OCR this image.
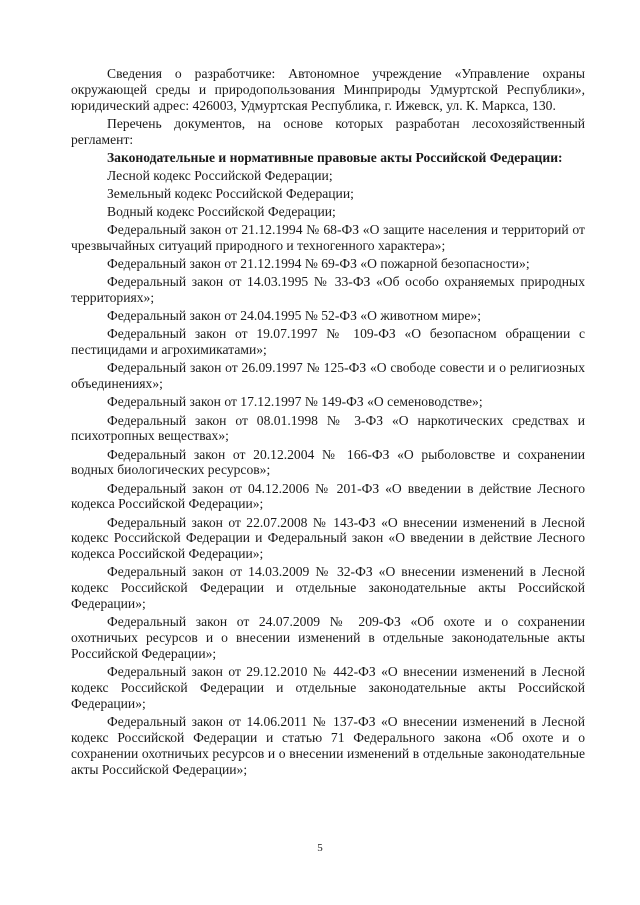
Сведения о разработчике: Автономное учреждение «Управление охраны окружающей среды и природопользования Минприроды Удмуртской Республики», юридический адрес: 426003, Удмуртская Республика, г. Ижевск, ул. К. Маркса, 130.

Перечень документов, на основе которых разработан лесохозяйственный регламент:

Законодательные и нормативные правовые акты Российской Федерации:

Лесной кодекс Российской Федерации;

Земельный кодекс Российской Федерации;

Водный кодекс Российской Федерации;

Федеральный закон от 21.12.1994 № 68-ФЗ «О защите населения и территорий от чрезвычайных ситуаций природного и техногенного характера»;

Федеральный закон от 21.12.1994 № 69-ФЗ «О пожарной безопасности»;

Федеральный закон от 14.03.1995 № 33-ФЗ «Об особо охраняемых природных территориях»;

Федеральный закон от 24.04.1995 № 52-ФЗ «О животном мире»;

Федеральный закон от 19.07.1997 № 109-ФЗ «О безопасном обращении с пестицидами и агрохимикатами»;

Федеральный закон от 26.09.1997 № 125-ФЗ «О свободе совести и о религиозных объединениях»;

Федеральный закон от 17.12.1997 № 149-ФЗ «О семеноводстве»;

Федеральный закон от 08.01.1998 № 3-ФЗ «О наркотических средствах и психотропных веществах»;

Федеральный закон от 20.12.2004 № 166-ФЗ «О рыболовстве и сохранении водных биологических ресурсов»;

Федеральный закон от 04.12.2006 № 201-ФЗ «О введении в действие Лесного кодекса Российской Федерации»;

Федеральный закон от 22.07.2008 № 143-ФЗ «О внесении изменений в Лесной кодекс Российской Федерации и Федеральный закон «О введении в действие Лесного кодекса Российской Федерации»;

Федеральный закон от 14.03.2009 № 32-ФЗ «О внесении изменений в Лесной кодекс Российской Федерации и отдельные законодательные акты Российской Федерации»;

Федеральный закон от 24.07.2009 № 209-ФЗ «Об охоте и о сохранении охотничьих ресурсов и о внесении изменений в отдельные законодательные акты Российской Федерации»;

Федеральный закон от 29.12.2010 № 442-ФЗ «О внесении изменений в Лесной кодекс Российской Федерации и отдельные законодательные акты Российской Федерации»;

Федеральный закон от 14.06.2011 № 137-ФЗ «О внесении изменений в Лесной кодекс Российской Федерации и статью 71 Федерального закона «Об охоте и о сохранении охотничьих ресурсов и о внесении изменений в отдельные законодательные акты Российской Федерации»;

5
